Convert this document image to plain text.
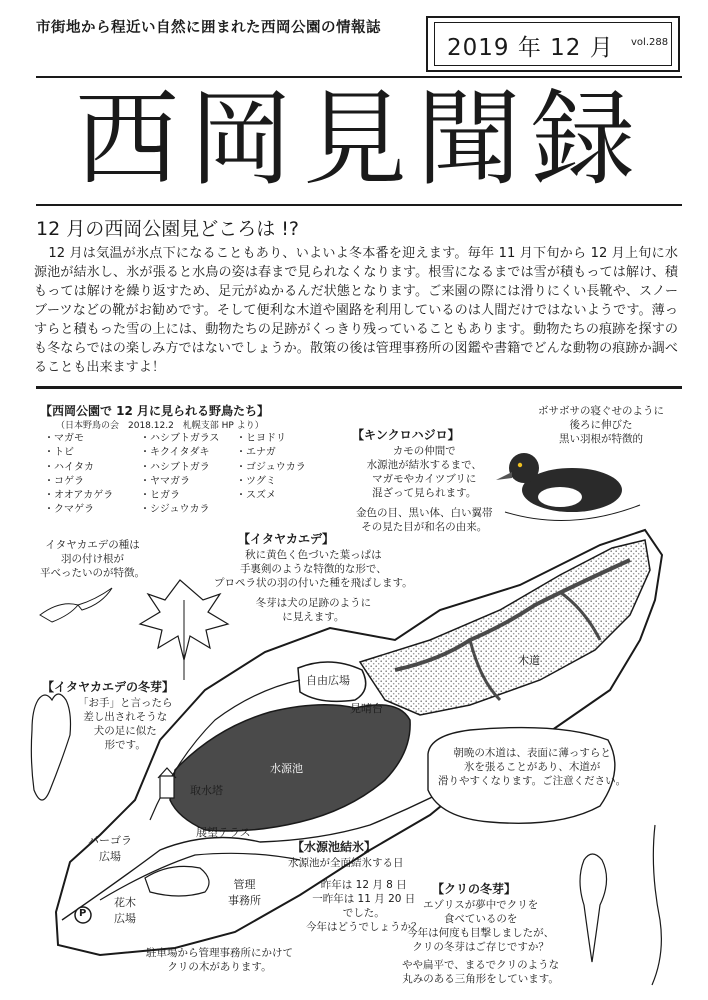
市街地から程近い自然に囲まれた西岡公園の情報誌
2019 年 12 月 vol.288
西岡見聞録
12 月の西岡公園見どころは !?
12 月は気温が氷点下になることもあり、いよいよ冬本番を迎えます。毎年 11 月下旬から 12 月上旬に水源池が結氷し、氷が張ると水鳥の姿は春まで見られなくなります。根雪になるまでは雪が積もっては解け、積もっては解けを繰り返すため、足元がぬかるんだ状態となります。ご来園の際には滑りにくい長靴や、スノーブーツなどの靴がお勧めです。そして便利な木道や園路を利用しているのは人間だけではないようです。薄っすらと積もった雪の上には、動物たちの足跡がくっきり残っていることもあります。動物たちの痕跡を探すのも冬ならではの楽しみ方ではないでしょうか。散策の後は管理事務所の図鑑や書籍でどんな動物の痕跡か調べることも出来ますよ！
【西岡公園で 12 月に見られる野鳥たち】
（日本野鳥の会　2018.12.2　札幌支部 HP より）
・マガモ
・トビ
・ハイタカ
・コゲラ
・オオアカゲラ
・クマゲラ
・ハシブトガラス
・キクイタダキ
・ハシブトガラ
・ヤマガラ
・ヒガラ
・シジュウカラ
・ヒヨドリ
・エナガ
・ゴジュウカラ
・ツグミ
・スズメ
ボサボサの寝ぐせのように
後ろに伸びた
黒い羽根が特徴的
【キンクロハジロ】
カモの仲間で
水源池が結氷するまで、
マガモやカイツブリに
混ざって見られます。
金色の目、黒い体、白い翼帯
その見た目が和名の由来。
イタヤカエデの種は
羽の付け根が
平べったいのが特徴。
【イタヤカエデ】
秋に黄色く色づいた葉っぱは
手裏剣のような特徴的な形で、
プロペラ状の羽の付いた種を飛ばします。
冬芽は犬の足跡のように
に見えます。
【イタヤカエデの冬芽】
「お手」と言ったら
差し出されそうな
犬の足に似た
形です。
木道
自由広場
見晴台
水源池
取水塔
展望テラス
パーゴラ
広場
花木
広場
管理
事務所
P
駐車場から管理事務所にかけて
クリの木があります。
朝晩の木道は、表面に薄っすらと
氷を張ることがあり、木道が
滑りやすくなります。ご注意ください。
【水源池結氷】
水源池が全面結氷する日
昨年は 12 月 8 日
一昨年は 11 月 20 日
でした。
今年はどうでしょうか？
【クリの冬芽】
エゾリスが夢中でクリを
食べているのを
今年は何度も目撃しましたが、
クリの冬芽はご存じですか？
やや扁平で、まるでクリのような
丸みのある三角形をしています。
